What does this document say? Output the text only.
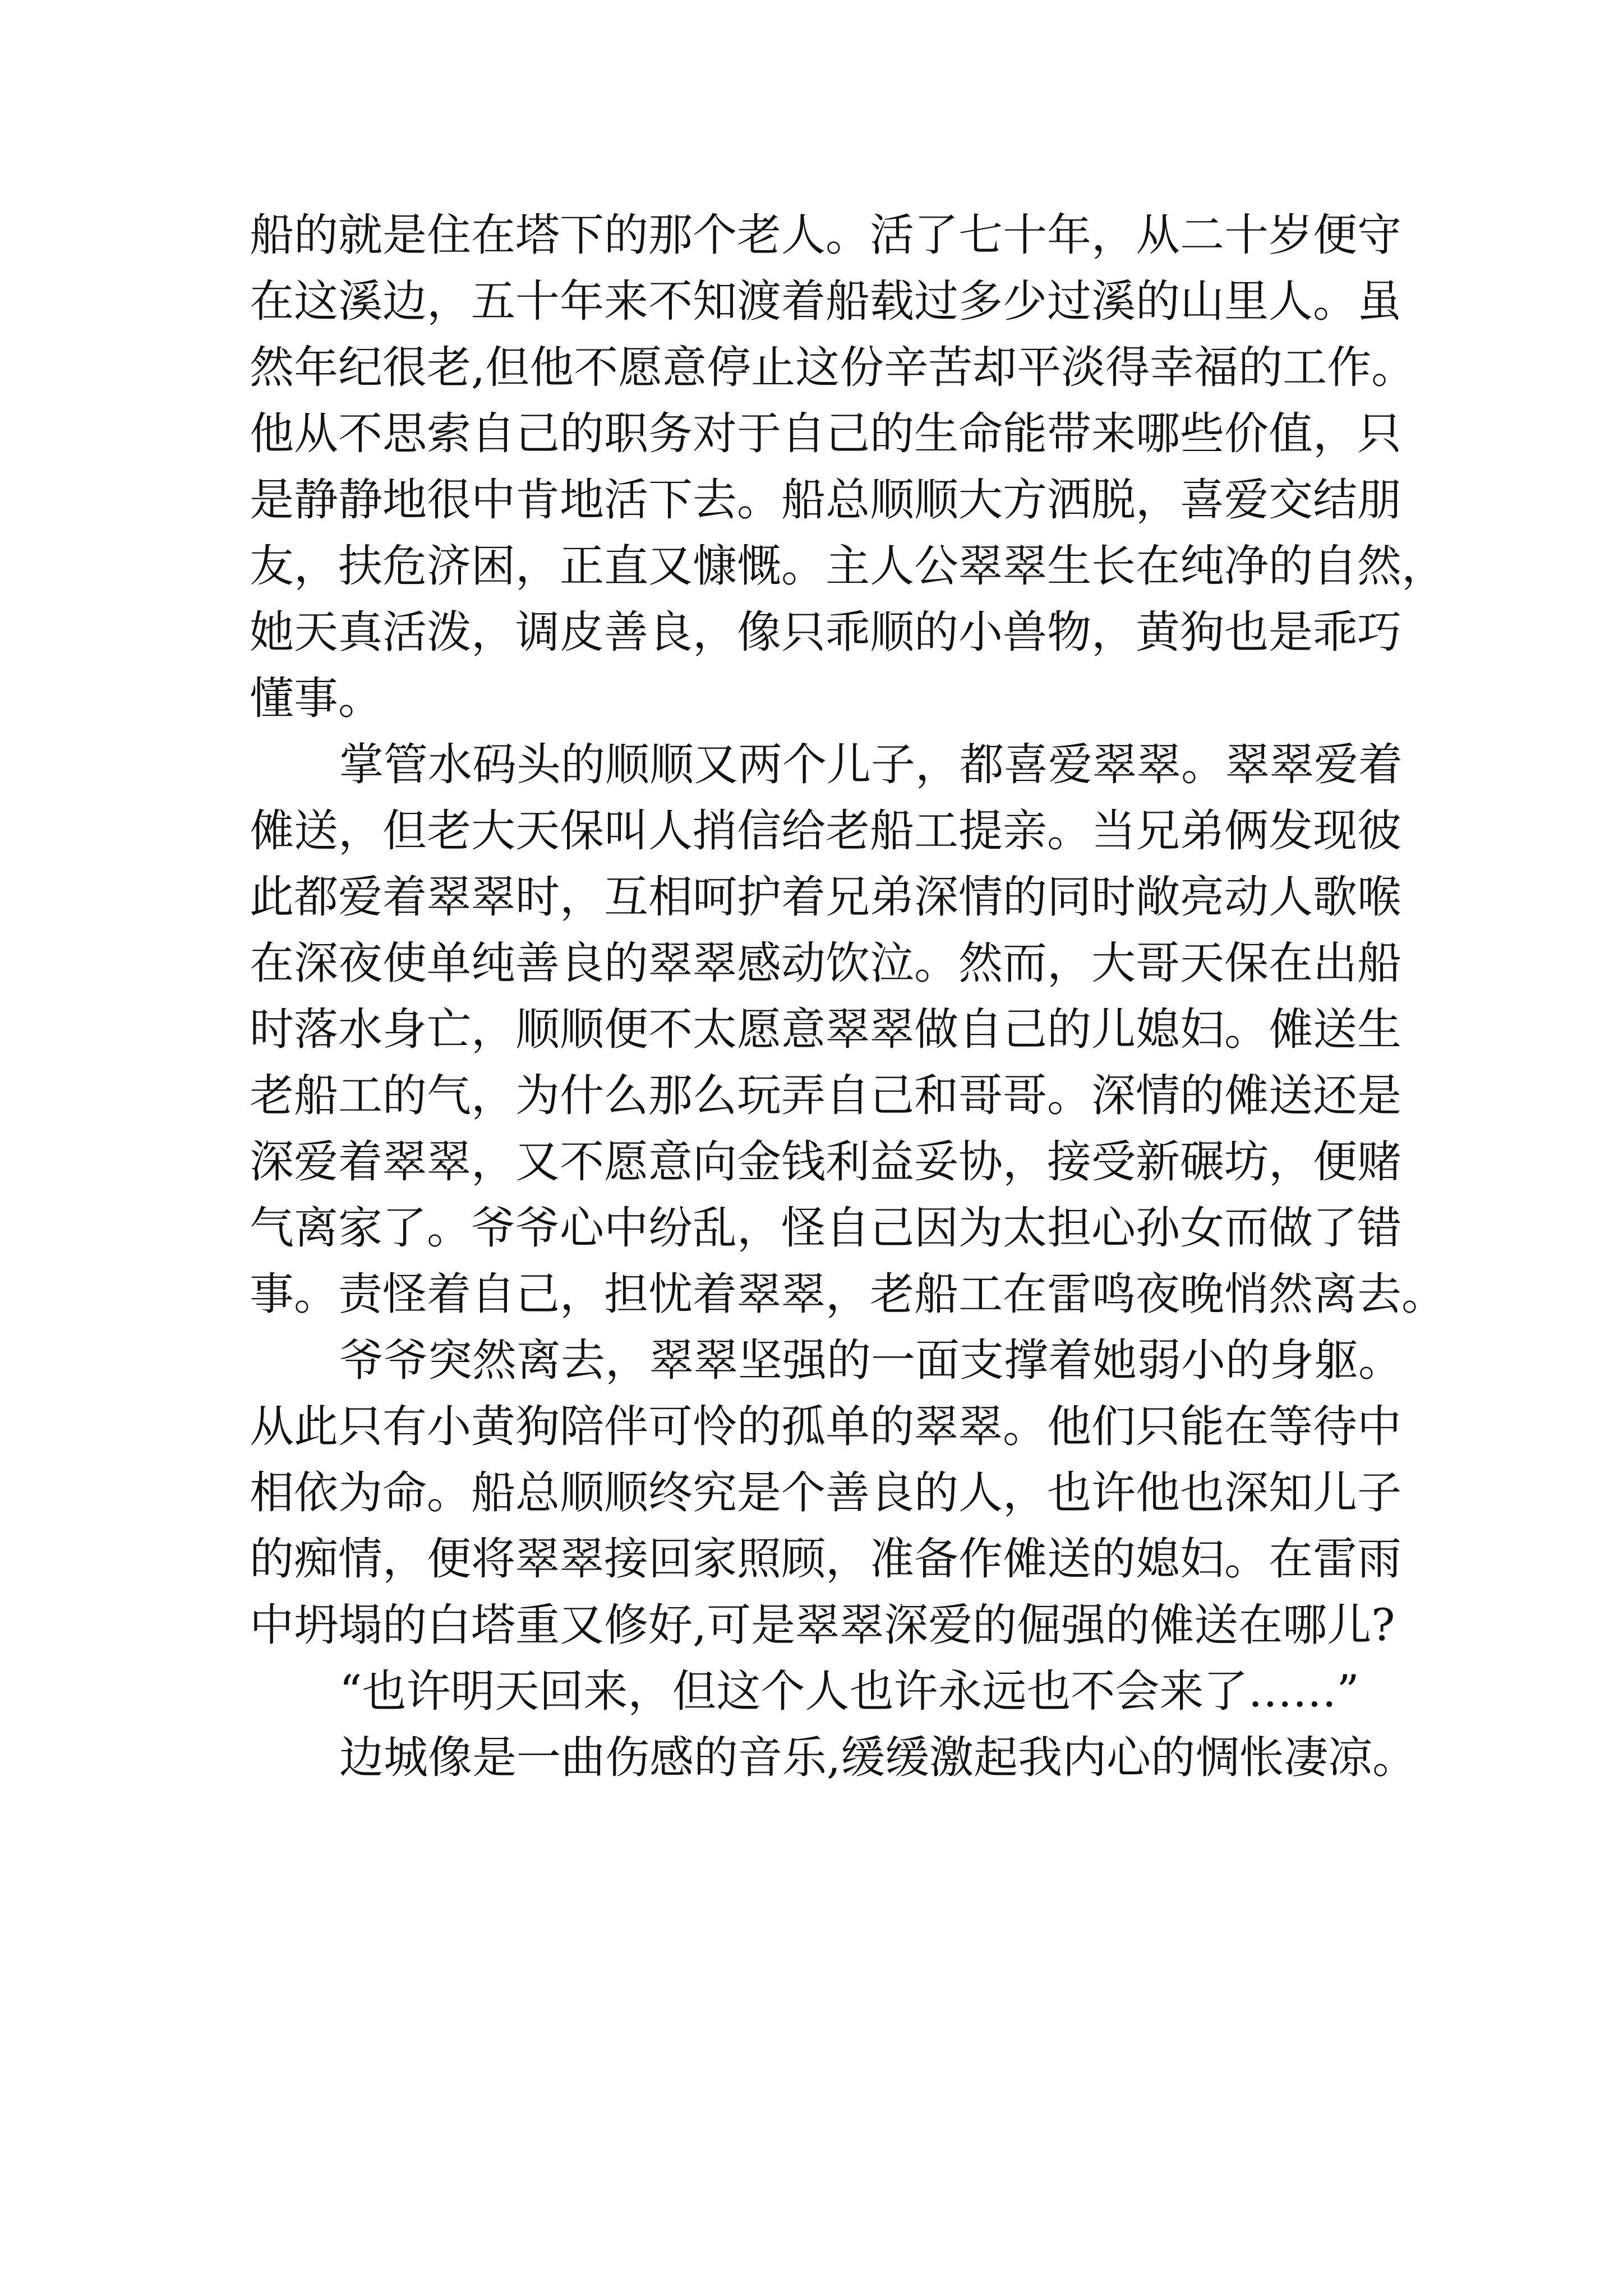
船的就是住在塔下的那个老人。活了七十年，从二十岁便守
在这溪边，五十年来不知渡着船载过多少过溪的山里人。虽
然年纪很老,但他不愿意停止这份辛苦却平淡得幸福的工作。
他从不思索自己的职务对于自己的生命能带来哪些价值，只
是静静地很中肯地活下去。船总顺顺大方洒脱，喜爱交结朋
友，扶危济困，正直又慷慨。主人公翠翠生长在纯净的自然，
她天真活泼，调皮善良，像只乖顺的小兽物，黄狗也是乖巧
懂事。
掌管水码头的顺顺又两个儿子，都喜爱翠翠。翠翠爱着
傩送，但老大天保叫人捎信给老船工提亲。当兄弟俩发现彼
此都爱着翠翠时，互相呵护着兄弟深情的同时敞亮动人歌喉
在深夜使单纯善良的翠翠感动饮泣。然而，大哥天保在出船
时落水身亡，顺顺便不太愿意翠翠做自己的儿媳妇。傩送生
老船工的气，为什么那么玩弄自己和哥哥。深情的傩送还是
深爱着翠翠，又不愿意向金钱利益妥协，接受新碾坊，便赌
气离家了。爷爷心中纷乱，怪自己因为太担心孙女而做了错
事。责怪着自己，担忧着翠翠，老船工在雷鸣夜晚悄然离去。
爷爷突然离去，翠翠坚强的一面支撑着她弱小的身躯。
从此只有小黄狗陪伴可怜的孤单的翠翠。他们只能在等待中
相依为命。船总顺顺终究是个善良的人，也许他也深知儿子
的痴情，便将翠翠接回家照顾，准备作傩送的媳妇。在雷雨
中坍塌的白塔重又修好,可是翠翠深爱的倔强的傩送在哪儿?
“也许明天回来，但这个人也许永远也不会来了……”
边城像是一曲伤感的音乐,缓缓激起我内心的惆怅凄凉。
